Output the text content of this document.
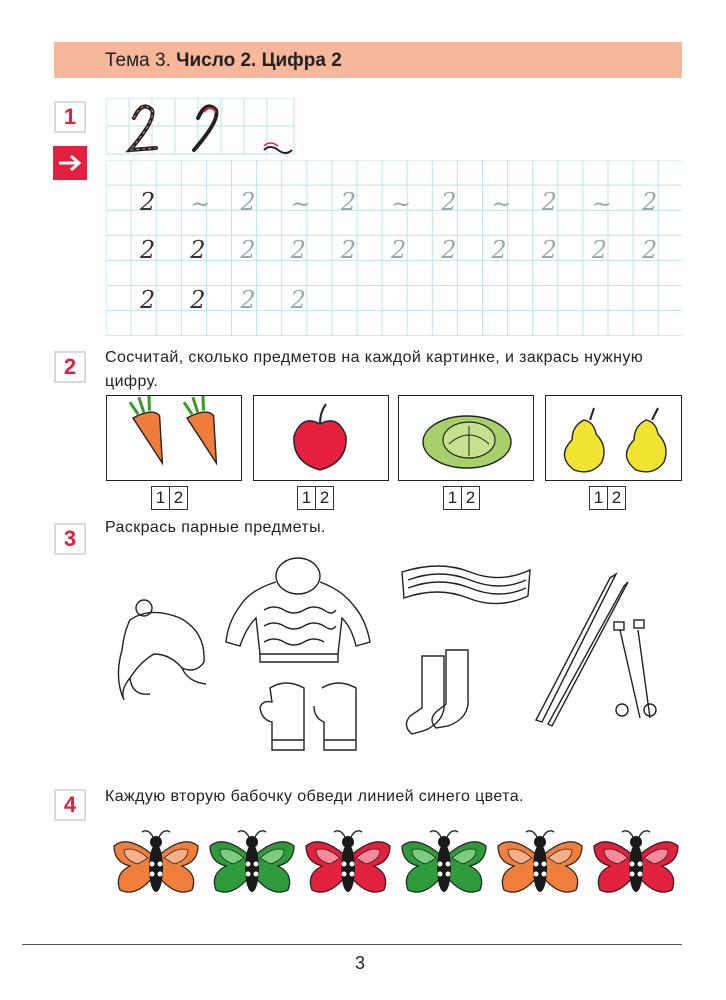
Тема 3. Число 2. Цифра 2
1
2 ~ 2 ~ 2 ~ 2 ~ 2 ~ 2
2 2 2 2 2 2 2 2 2 2 2
2 2 2 2
2	Сосчитай, сколько предметов на каждой картинке, и закрась нужную цифру.
1 2	1 2	1 2	1 2
3	Раскрась парные предметы.
4	Каждую вторую бабочку обведи линией синего цвета.
3
